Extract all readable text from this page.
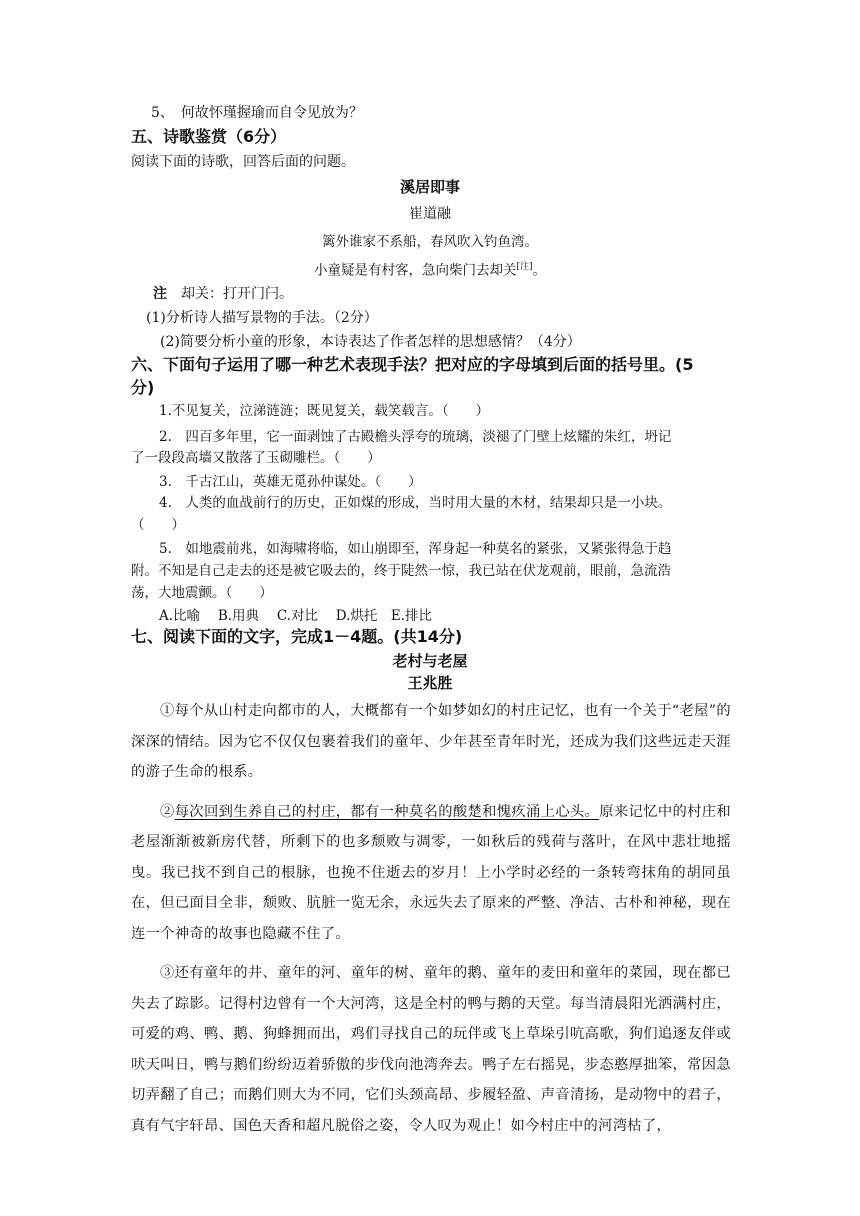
5、　何故怀瑾握瑜而自令见放为？
五、诗歌鉴赏（6分）
阅读下面的诗歌，回答后面的问题。
溪居即事
崔道融
篱外谁家不系船，春风吹入钓鱼湾。
小童疑是有村客，急向柴门去却关[注]。
注　却关：打开门闩。
(1)分析诗人描写景物的手法。（2分）
(2)简要分析小童的形象，本诗表达了作者怎样的思想感情？（4分）
六、下面句子运用了哪一种艺术表现手法？把对应的字母填到后面的括号里。(5
分)
1.不见复关，泣涕涟涟；既见复关，载笑载言。（　　）
2.　四百多年里，它一面剥蚀了古殿檐头浮夸的琉璃，淡褪了门壁上炫耀的朱红，坍记
了一段段高墙又散落了玉砌雕栏。（　　）
3.　千古江山，英雄无觅孙仲谋处。（　　）
4.　人类的血战前行的历史，正如煤的形成，当时用大量的木材，结果却只是一小块。
（　　）
5.　如地震前兆，如海啸将临，如山崩即至，浑身起一种莫名的紧张，又紧张得急于趋
附。不知是自己走去的还是被它吸去的，终于陡然一惊，我已站在伏龙观前，眼前，急流浩
荡，大地震颤。（　　）
A.比喻　 B.用典　 C.对比　 D.烘托　E.排比
七、阅读下面的文字，完成1－4题。(共14分)
老村与老屋
王兆胜

①每个从山村走向都市的人，大概都有一个如梦如幻的村庄记忆，也有一个关于“老屋”的深深的情结。因为它不仅仅包裹着我们的童年、少年甚至青年时光，还成为我们这些远走天涯的游子生命的根系。

②每次回到生养自己的村庄，都有一种莫名的酸楚和愧疚涌上心头。原来记忆中的村庄和老屋渐渐被新房代替，所剩下的也多颓败与凋零，一如秋后的残荷与落叶，在风中悲壮地摇曳。我已找不到自己的根脉，也挽不住逝去的岁月！上小学时必经的一条转弯抹角的胡同虽在，但已面目全非，颓败、肮脏一览无余，永远失去了原来的严整、净洁、古朴和神秘，现在连一个神奇的故事也隐藏不住了。

③还有童年的井、童年的河、童年的树、童年的鹅、童年的麦田和童年的菜园，现在都已失去了踪影。记得村边曾有一个大河湾，这是全村的鸭与鹅的天堂。每当清晨阳光洒满村庄，可爱的鸡、鸭、鹅、狗蜂拥而出，鸡们寻找自己的玩伴或飞上草垛引吭高歌，狗们追逐友伴或吠天叫日，鸭与鹅们纷纷迈着骄傲的步伐向池湾奔去。鸭子左右摇晃，步态憨厚拙笨，常因急切弄翻了自己；而鹅们则大为不同，它们头颈高昂、步履轻盈、声音清扬，是动物中的君子，真有气宇轩昂、国色天香和超凡脱俗之姿，令人叹为观止！如今村庄中的河湾枯了，
